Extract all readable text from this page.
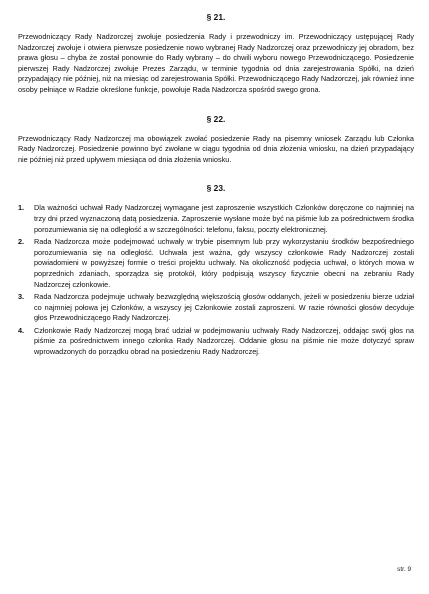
§ 21.

Przewodniczący Rady Nadzorczej zwołuje posiedzenia Rady i przewodniczy im. Przewodniczący ustępującej Rady Nadzorczej zwołuje i otwiera pierwsze posiedzenie nowo wybranej Rady Nadzorczej oraz przewodniczy jej obradom, bez prawa głosu – chyba że został ponownie do Rady wybrany – do chwili wyboru nowego Przewodniczącego. Posiedzenie pierwszej Rady Nadzorczej zwołuje Prezes Zarządu, w terminie tygodnia od dnia zarejestrowania Spółki, na dzień przypadający nie później, niż na miesiąc od zarejestrowania Spółki. Przewodniczącego Rady Nadzorczej, jak również inne osoby pełniące w Radzie określone funkcje, powołuje Rada Nadzorcza spośród swego grona.

§ 22.

Przewodniczący Rady Nadzorczej ma obowiązek zwołać posiedzenie Rady na pisemny wniosek Zarządu lub Członka Rady Nadzorczej. Posiedzenie powinno być zwołane w ciągu tygodnia od dnia złożenia wniosku, na dzień przypadający nie później niż przed upływem miesiąca od dnia złożenia wniosku.

§ 23.
1. Dla ważności uchwał Rady Nadzorczej wymagane jest zaproszenie wszystkich Członków doręczone co najmniej na trzy dni przed wyznaczoną datą posiedzenia. Zaproszenie wysłane może być na piśmie lub za pośrednictwem środka porozumiewania się na odległość a w szczególności: telefonu, faksu, poczty elektronicznej.
2. Rada Nadzorcza może podejmować uchwały w trybie pisemnym lub przy wykorzystaniu środków bezpośredniego porozumiewania się na odległość. Uchwała jest ważna, gdy wszyscy członkowie Rady Nadzorczej zostali powiadomieni w powyższej formie o treści projektu uchwały. Na okoliczność podjęcia uchwał, o których mowa w poprzednich zdaniach, sporządza się protokół, który podpisują wszyscy fizycznie obecni na zebraniu Rady Nadzorczej członkowie.
3. Rada Nadzorcza podejmuje uchwały bezwzględną większością głosów oddanych, jeżeli w posiedzeniu bierze udział co najmniej połowa jej Członków, a wszyscy jej Członkowie zostali zaproszeni. W razie równości głosów decyduje głos Przewodniczącego Rady Nadzorczej.
4. Członkowie Rady Nadzorczej mogą brać udział w podejmowaniu uchwały Rady Nadzorczej, oddając swój głos na piśmie za pośrednictwem innego członka Rady Nadzorczej. Oddanie głosu na piśmie nie może dotyczyć spraw wprowadzonych do porządku obrad na posiedzeniu Rady Nadzorczej.
str. 9
